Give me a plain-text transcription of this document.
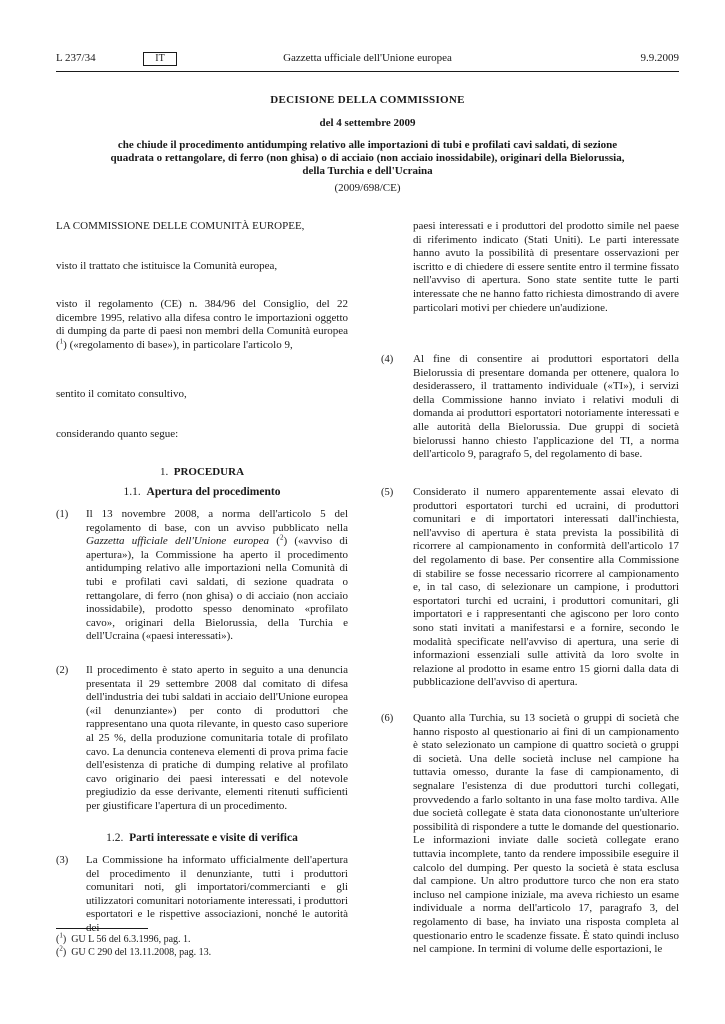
L 237/34	IT	Gazzetta ufficiale dell'Unione europea	9.9.2009
DECISIONE DELLA COMMISSIONE
del 4 settembre 2009
che chiude il procedimento antidumping relativo alle importazioni di tubi e profilati cavi saldati, di sezione quadrata o rettangolare, di ferro (non ghisa) o di acciaio (non acciaio inossidabile), originari della Bielorussia, della Turchia e dell'Ucraina
(2009/698/CE)

LA COMMISSIONE DELLE COMUNITÀ EUROPEE,

visto il trattato che istituisce la Comunità europea,

visto il regolamento (CE) n. 384/96 del Consiglio, del 22 dicembre 1995, relativo alla difesa contro le importazioni oggetto di dumping da parte di paesi non membri della Comunità europea ($^1$) («regolamento di base»), in particolare l'articolo 9,

sentito il comitato consultivo,

considerando quanto segue:

1. PROCEDURA
1.1. Apertura del procedimento
(1)	Il 13 novembre 2008, a norma dell'articolo 5 del regolamento di base, con un avviso pubblicato nella Gazzetta ufficiale dell'Unione europea ($^2$) («avviso di apertura»), la Commissione ha aperto il procedimento antidumping relativo alle importazioni nella Comunità di tubi e profilati cavi saldati, di sezione quadrata o rettangolare, di ferro (non ghisa) o di acciaio (non acciaio inossidabile), prodotto spesso denominato «profilato cavo», originari della Bielorussia, della Turchia e dell'Ucraina («paesi interessati»).

(2)	Il procedimento è stato aperto in seguito a una denuncia presentata il 29 settembre 2008 dal comitato di difesa dell'industria dei tubi saldati in acciaio dell'Unione europea («il denunziante») per conto di produttori che rappresentano una quota rilevante, in questo caso superiore al 25 %, della produzione comunitaria totale di profilato cavo. La denuncia conteneva elementi di prova prima facie dell'esistenza di pratiche di dumping relative al profilato cavo originario dei paesi interessati e del notevole pregiudizio da esse derivante, elementi ritenuti sufficienti per giustificare l'apertura di un procedimento.

1.2. Parti interessate e visite di verifica
(3)	La Commissione ha informato ufficialmente dell'apertura del procedimento il denunziante, tutti i produttori comunitari noti, gli importatori/commercianti e gli utilizzatori comunitari notoriamente interessati, i produttori esportatori e le rispettive associazioni, nonché le autorità dei

($^1$)  GU L 56 del 6.3.1996, pag. 1.
($^2$)  GU C 290 del 13.11.2008, pag. 13.

paesi interessati e i produttori del prodotto simile nel paese di riferimento indicato (Stati Uniti). Le parti interessate hanno avuto la possibilità di presentare osservazioni per iscritto e di chiedere di essere sentite entro il termine fissato nell'avviso di apertura. Sono state sentite tutte le parti interessate che ne hanno fatto richiesta dimostrando di avere particolari motivi per chiedere un'audizione.

(4)	Al fine di consentire ai produttori esportatori della Bielorussia di presentare domanda per ottenere, qualora lo desiderassero, il trattamento individuale («TI»), i servizi della Commissione hanno inviato i relativi moduli di domanda ai produttori esportatori notoriamente interessati e alle autorità della Bielorussia. Due gruppi di società bielorussi hanno chiesto l'applicazione del TI, a norma dell'articolo 9, paragrafo 5, del regolamento di base.

(5)	Considerato il numero apparentemente assai elevato di produttori esportatori turchi ed ucraini, di produttori comunitari e di importatori interessati dall'inchiesta, nell'avviso di apertura è stata prevista la possibilità di ricorrere al campionamento in conformità dell'articolo 17 del regolamento di base. Per consentire alla Commissione di stabilire se fosse necessario ricorrere al campionamento e, in tal caso, di selezionare un campione, i produttori esportatori turchi ed ucraini, i produttori comunitari, gli importatori e i rappresentanti che agiscono per loro conto sono stati invitati a manifestarsi e a fornire, secondo le modalità specificate nell'avviso di apertura, una serie di informazioni essenziali sulle attività da loro svolte in relazione al prodotto in esame entro 15 giorni dalla data di pubblicazione dell'avviso di apertura.

(6)	Quanto alla Turchia, su 13 società o gruppi di società che hanno risposto al questionario ai fini di un campionamento è stato selezionato un campione di quattro società o gruppi di società. Una delle società incluse nel campione ha tuttavia omesso, durante la fase di campionamento, di segnalare l'esistenza di due produttori turchi collegati, provvedendo a farlo soltanto in una fase molto tardiva. Alle due società collegate è stata data ciononostante un'ulteriore possibilità di rispondere a tutte le domande del questionario. Le informazioni inviate dalle società collegate erano tuttavia incomplete, tanto da rendere impossibile eseguire il calcolo del dumping. Per questo la società è stata esclusa dal campione. Un altro produttore turco che non era stato incluso nel campione iniziale, ma aveva richiesto un esame individuale a norma dell'articolo 17, paragrafo 3, del regolamento di base, ha inviato una risposta completa al questionario entro le scadenze fissate. È stato quindi incluso nel campione. In termini di volume delle esportazioni, le
